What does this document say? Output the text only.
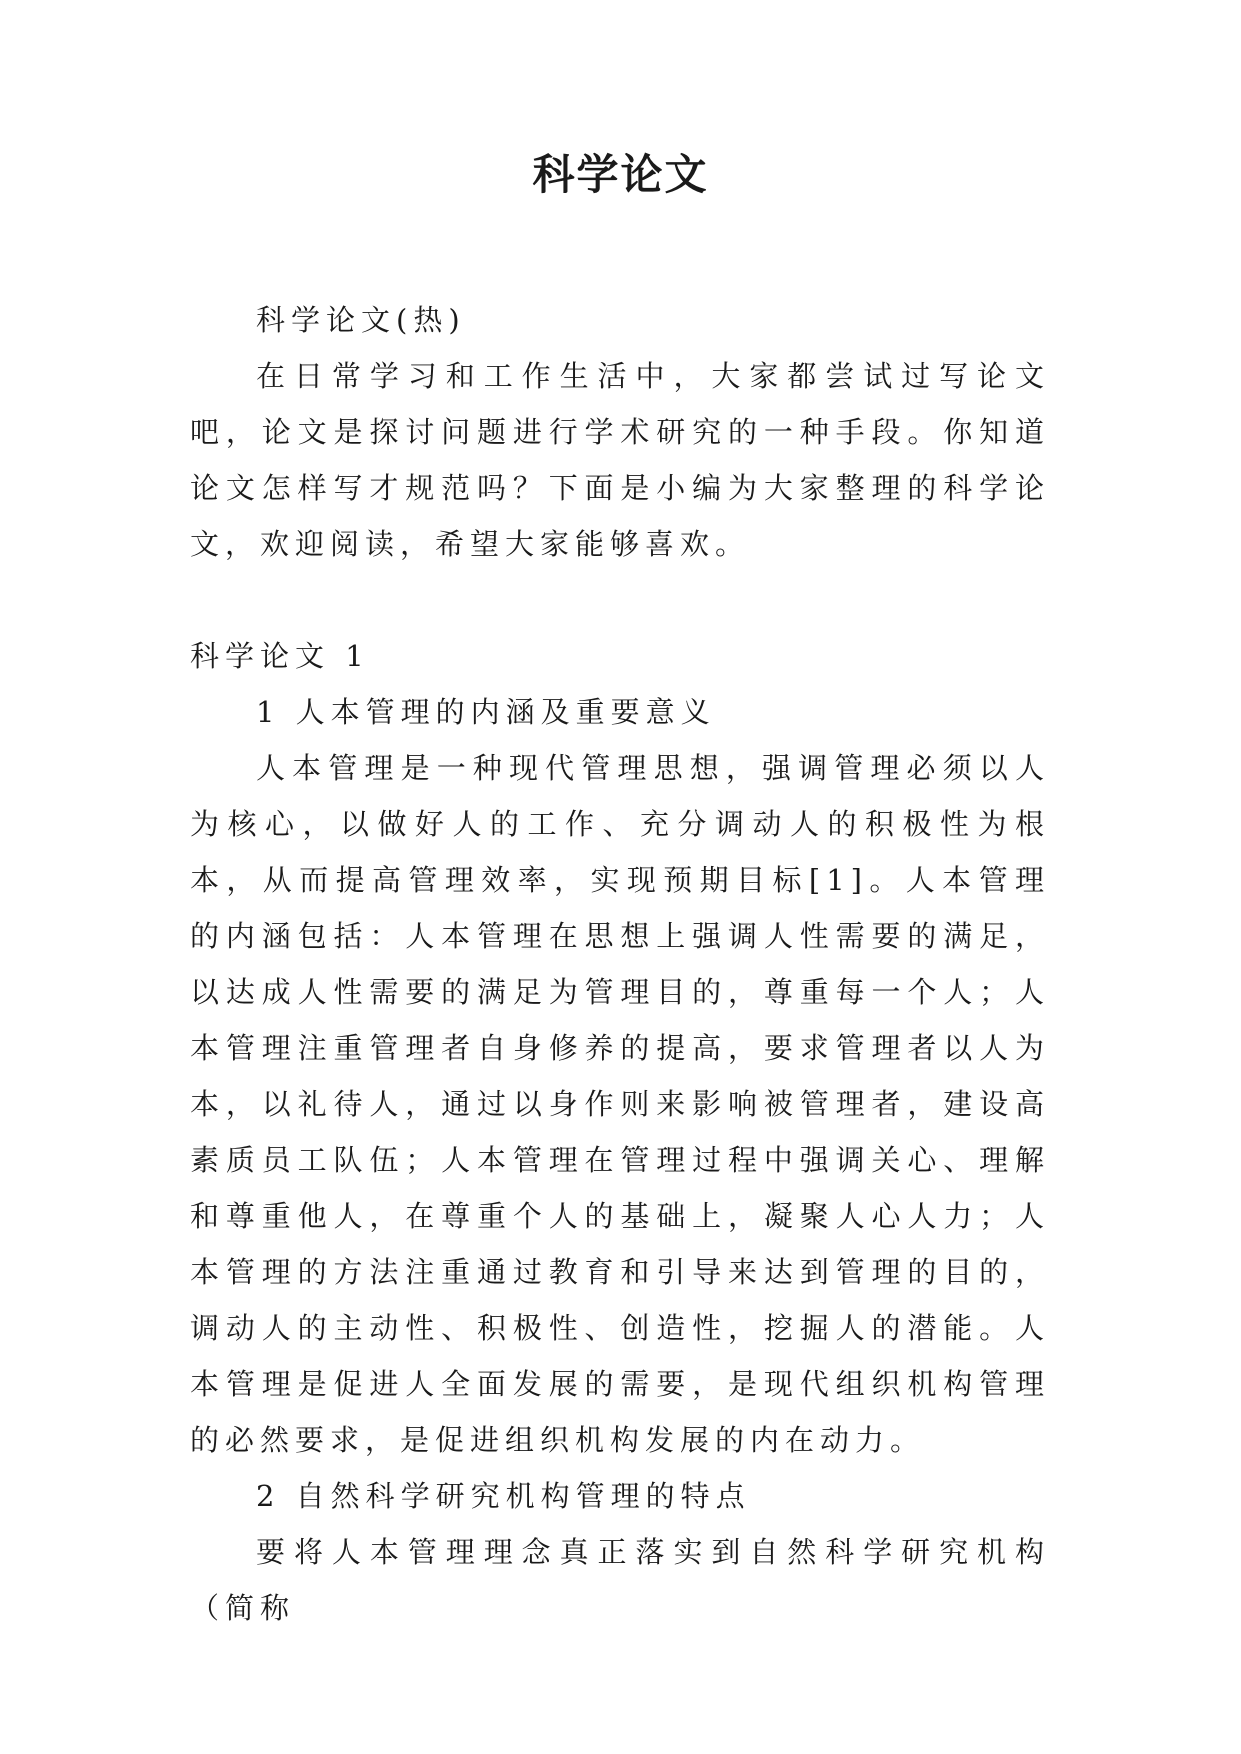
科学论文

科学论文(热)

在日常学习和工作生活中，大家都尝试过写论文吧，论文是探讨问题进行学术研究的一种手段。你知道论文怎样写才规范吗？下面是小编为大家整理的科学论文，欢迎阅读，希望大家能够喜欢。

科学论文 1

1 人本管理的内涵及重要意义

人本管理是一种现代管理思想，强调管理必须以人为核心，以做好人的工作、充分调动人的积极性为根本，从而提高管理效率，实现预期目标[1]。人本管理的内涵包括：人本管理在思想上强调人性需要的满足，以达成人性需要的满足为管理目的，尊重每一个人；人本管理注重管理者自身修养的提高，要求管理者以人为本，以礼待人，通过以身作则来影响被管理者，建设高素质员工队伍；人本管理在管理过程中强调关心、理解和尊重他人，在尊重个人的基础上，凝聚人心人力；人本管理的方法注重通过教育和引导来达到管理的目的，调动人的主动性、积极性、创造性，挖掘人的潜能。人本管理是促进人全面发展的需要，是现代组织机构管理的必然要求，是促进组织机构发展的内在动力。

2 自然科学研究机构管理的特点

要将人本管理理念真正落实到自然科学研究机构（简称
